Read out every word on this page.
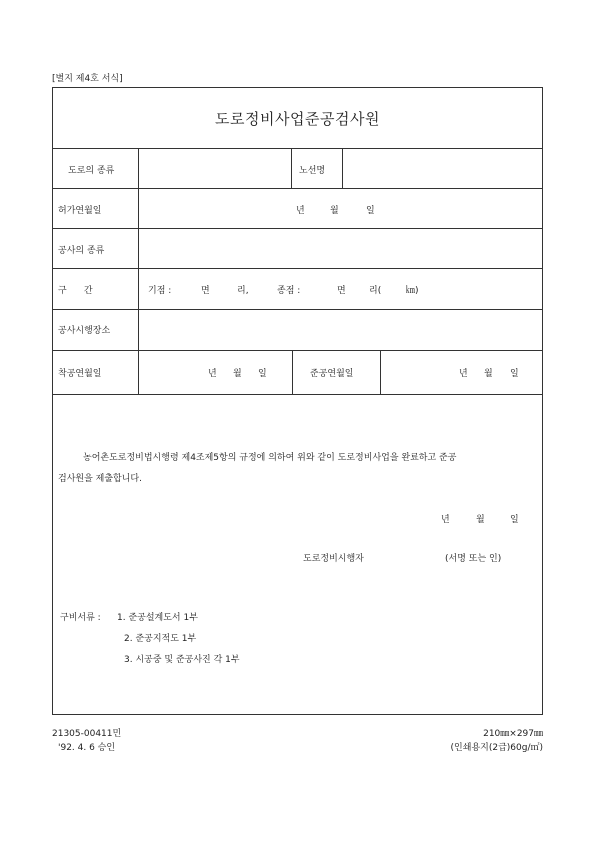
[별지 제4호 서식]
도로정비사업준공검사원
도로의 종류	노선명
허가연월일	년	월	일
공사의 종류
구      간	기점 :	면	리,	종점 :	면	리(	㎞)
공사시행장소
착공연월일	년 월 일	준공연월일	년 월 일
농어촌도로정비법시행령 제4조제5항의 규정에 의하여 위와 같이 도로정비사업을 완료하고 준공
검사원을 제출합니다.
년	월	일
도로정비시행자	(서명 또는 인)
구비서류 : 1. 준공설계도서 1부
2. 준공지적도 1부
3. 시공중 및 준공사진 각 1부
21305-00411민
'92. 4. 6 승인
210㎜×297㎜
(인쇄용지(2급)60g/㎡)
